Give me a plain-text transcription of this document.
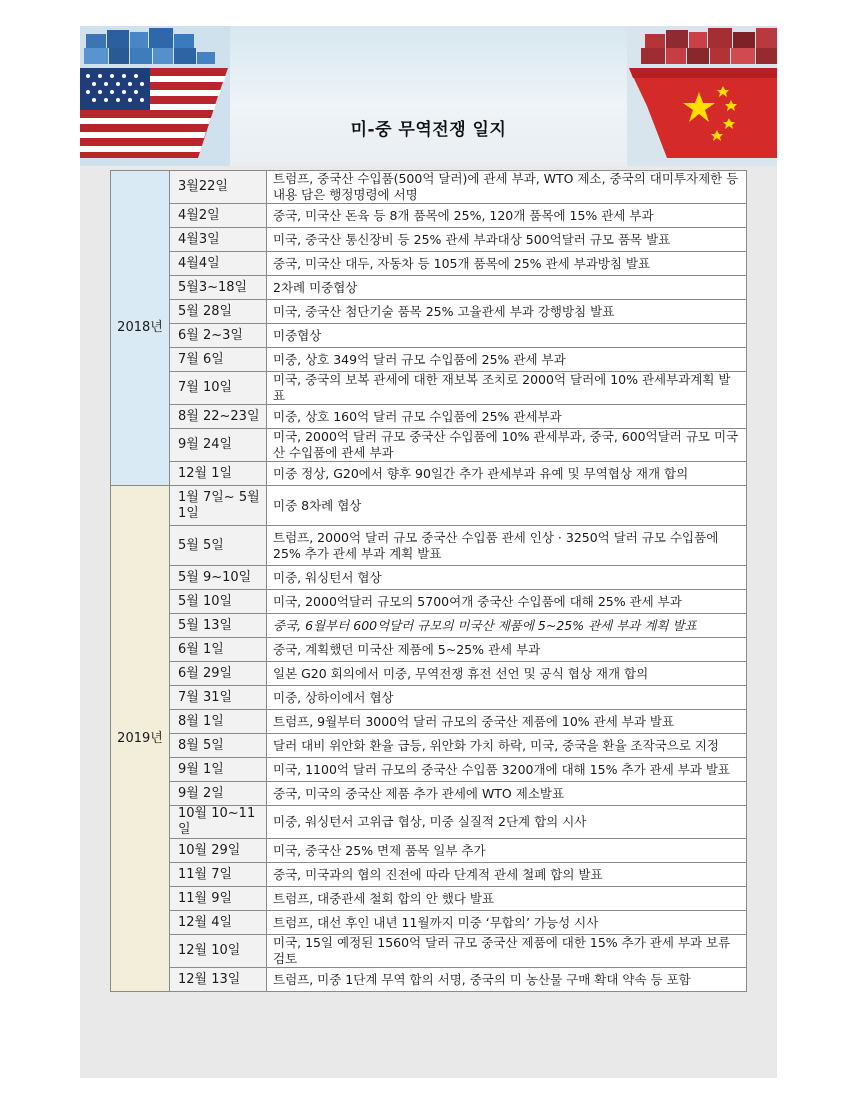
미-중 무역전쟁 일지
2018년	3월22일	트럼프, 중국산 수입품(500억 달러)에 관세 부과, WTO 제소, 중국의 대미투자제한 등 내용 담은 행정명령에 서명
	4월2일	중국, 미국산 돈육 등 8개 품목에 25%, 120개 품목에 15% 관세 부과
	4월3일	미국, 중국산 통신장비 등 25% 관세 부과대상 500억달러 규모 품목 발표
	4월4일	중국, 미국산 대두, 자동차 등 105개 품목에 25% 관세 부과방침 발표
	5월3~18일	2차례 미중협상
	5월 28일	미국, 중국산 첨단기술 품목 25% 고율관세 부과 강행방침 발표
	6월 2~3일	미중협상
	7월 6일	미중, 상호 349억 달러 규모 수입품에 25% 관세 부과
	7월 10일	미국, 중국의 보복 관세에 대한 재보복 조치로 2000억 달러에 10% 관세부과계획 발표
	8월 22~23일	미중, 상호 160억 달러 규모 수입품에 25% 관세부과
	9월 24일	미국, 2000억 달러 규모 중국산 수입품에 10% 관세부과, 중국, 600억달러 규모 미국산 수입품에 관세 부과
	12월 1일	미중 정상, G20에서 향후 90일간 추가 관세부과 유예 및 무역협상 재개 합의
2019년	1월 7일~ 5월 1일	미중 8차례 협상
	5월 5일	트럼프, 2000억 달러 규모 중국산 수입품 관세 인상 · 3250억 달러 규모 수입품에 25% 추가 관세 부과 계획 발표
	5월 9~10일	미중, 워싱턴서 협상
	5월 10일	미국, 2000억달러 규모의 5700여개 중국산 수입품에 대해 25% 관세 부과
	5월 13일	중국, 6월부터 600억달러 규모의 미국산 제품에 5~25% 관세 부과 계획 발표
	6월 1일	중국, 계획했던 미국산 제품에 5~25% 관세 부과
	6월 29일	일본 G20 회의에서 미중, 무역전쟁 휴전 선언 및 공식 협상 재개 합의
	7월 31일	미중, 상하이에서 협상
	8월 1일	트럼프, 9월부터 3000억 달러 규모의 중국산 제품에 10% 관세 부과 발표
	8월 5일	달러 대비 위안화 환율 급등, 위안화 가치 하락, 미국, 중국을 환율 조작국으로 지정
	9월 1일	미국, 1100억 달러 규모의 중국산 수입품 3200개에 대해 15% 추가 관세 부과 발표
	9월 2일	중국, 미국의 중국산 제품 추가 관세에 WTO 제소발표
	10월 10~11일	미중, 워싱턴서 고위급 협상, 미중 실질적 2단계 합의 시사
	10월 29일	미국, 중국산 25% 면제 품목 일부 추가
	11월 7일	중국, 미국과의 협의 진전에 따라 단계적 관세 철폐 합의 발표
	11월 9일	트럼프, 대중관세 철회 합의 안 했다 발표
	12월 4일	트럼프, 대선 후인 내년 11월까지 미중 ‘무합의’ 가능성 시사
	12월 10일	미국, 15일 예정된 1560억 달러 규모 중국산 제품에 대한 15% 추가 관세 부과 보류 검토
	12월 13일	트럼프, 미중 1단계 무역 합의 서명, 중국의 미 농산물 구매 확대 약속 등 포함
